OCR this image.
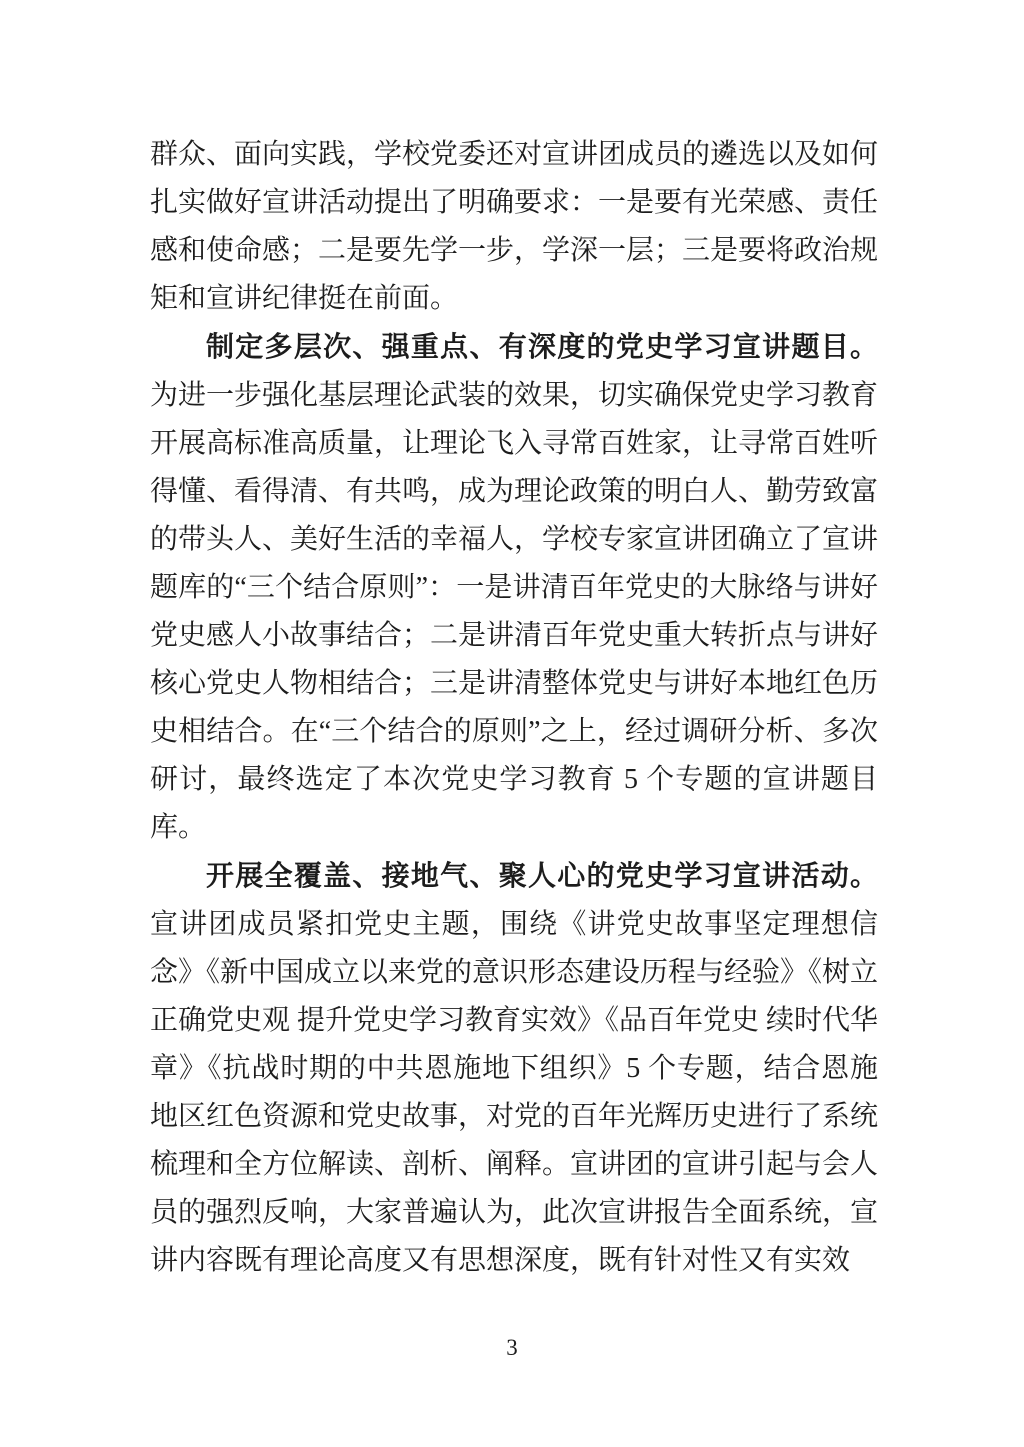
群众、面向实践，学校党委还对宣讲团成员的遴选以及如何扎实做好宣讲活动提出了明确要求：一是要有光荣感、责任感和使命感；二是要先学一步，学深一层；三是要将政治规矩和宣讲纪律挺在前面。

制定多层次、强重点、有深度的党史学习宣讲题目。为进一步强化基层理论武装的效果，切实确保党史学习教育开展高标准高质量，让理论飞入寻常百姓家，让寻常百姓听得懂、看得清、有共鸣，成为理论政策的明白人、勤劳致富的带头人、美好生活的幸福人，学校专家宣讲团确立了宣讲题库的“三个结合原则”：一是讲清百年党史的大脉络与讲好党史感人小故事结合；二是讲清百年党史重大转折点与讲好核心党史人物相结合；三是讲清整体党史与讲好本地红色历史相结合。在“三个结合的原则”之上，经过调研分析、多次研讨，最终选定了本次党史学习教育 5 个专题的宣讲题目库。

开展全覆盖、接地气、聚人心的党史学习宣讲活动。宣讲团成员紧扣党史主题，围绕《讲党史故事坚定理想信念》《新中国成立以来党的意识形态建设历程与经验》《树立正确党史观 提升党史学习教育实效》《品百年党史 续时代华章》《抗战时期的中共恩施地下组织》5 个专题，结合恩施地区红色资源和党史故事，对党的百年光辉历史进行了系统梳理和全方位解读、剖析、阐释。宣讲团的宣讲引起与会人员的强烈反响，大家普遍认为，此次宣讲报告全面系统，宣讲内容既有理论高度又有思想深度，既有针对性又有实效

3
